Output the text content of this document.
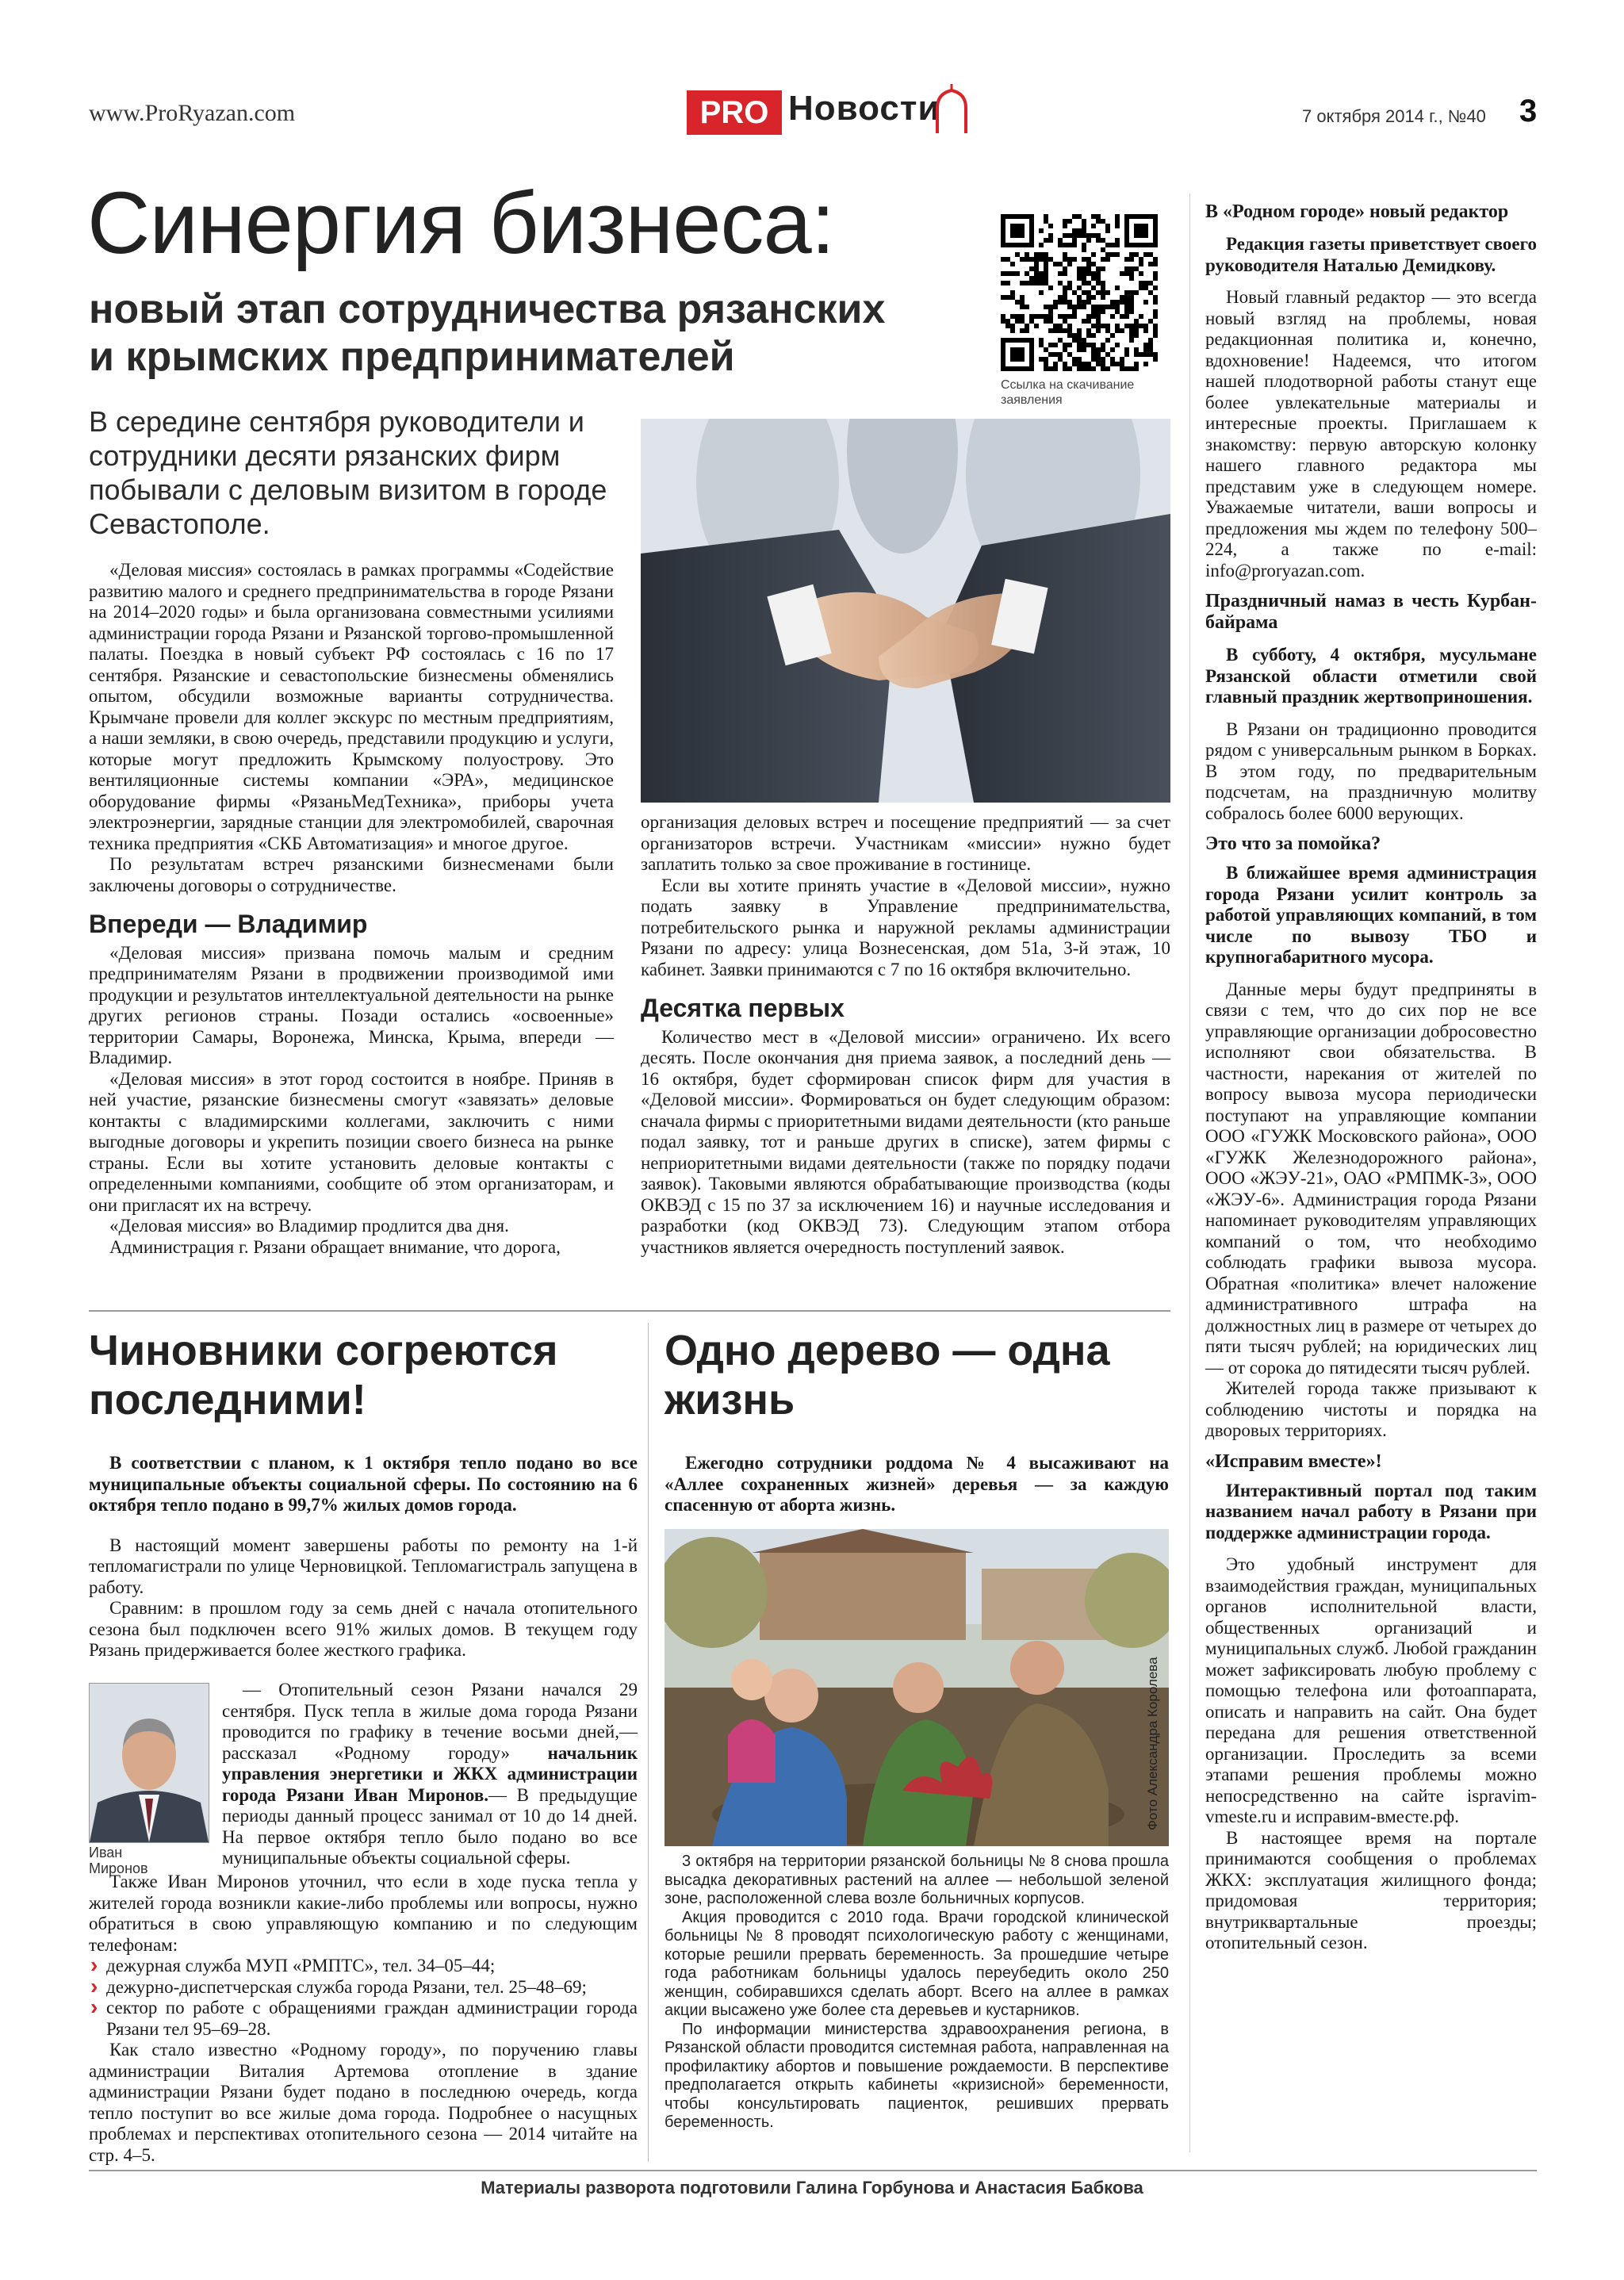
www.ProRyazan.com	PRO Новости	7 октября 2014 г., №40 3
Синергия бизнеса:
новый этап сотрудничества рязанских
и крымских предпринимателей
Ссылка на скачивание заявления
В середине сентября руководители и сотрудники десяти рязанских фирм побывали с деловым визитом в городе Севастополе.

«Деловая миссия» состоялась в рамках программы «Содействие развитию малого и среднего предпринимательства в городе Рязани на 2014–2020 годы» и была организована совместными усилиями администрации города Рязани и Рязанской торгово-промышленной палаты. Поездка в новый субъект РФ состоялась с 16 по 17 сентября. Рязанские и севастопольские бизнесмены обменялись опытом, обсудили возможные варианты сотрудничества. Крымчане провели для коллег экскурс по местным предприятиям, а наши земляки, в свою очередь, представили продукцию и услуги, которые могут предложить Крымскому полуострову. Это вентиляционные системы компании «ЭРА», медицинское оборудование фирмы «РязаньМедТехника», приборы учета электроэнергии, зарядные станции для электромобилей, сварочная техника предприятия «СКБ Автоматизация» и многое другое.

По результатам встреч рязанскими бизнесменами были заключены договоры о сотрудничестве.

Впереди — Владимир

«Деловая миссия» призвана помочь малым и средним предпринимателям Рязани в продвижении производимой ими продукции и результатов интеллектуальной деятельности на рынке других регионов страны. Позади остались «освоенные» территории Самары, Воронежа, Минска, Крыма, впереди — Владимир.

«Деловая миссия» в этот город состоится в ноябре. Приняв в ней участие, рязанские бизнесмены смогут «завязать» деловые контакты с владимирскими коллегами, заключить с ними выгодные договоры и укрепить позиции своего бизнеса на рынке страны. Если вы хотите установить деловые контакты с определенными компаниями, сообщите об этом организаторам, и они пригласят их на встречу.

«Деловая миссия» во Владимир продлится два дня.

Администрация г. Рязани обращает внимание, что дорога,

организация деловых встреч и посещение предприятий — за счет организаторов встречи. Участникам «миссии» нужно будет заплатить только за свое проживание в гостинице.

Если вы хотите принять участие в «Деловой миссии», нужно подать заявку в Управление предпринимательства, потребительского рынка и наружной рекламы администрации Рязани по адресу: улица Вознесенская, дом 51а, 3-й этаж, 10 кабинет. Заявки принимаются с 7 по 16 октября включительно.

Десятка первых

Количество мест в «Деловой миссии» ограничено. Их всего десять. После окончания дня приема заявок, а последний день — 16 октября, будет сформирован список фирм для участия в «Деловой миссии». Формироваться он будет следующим образом: сначала фирмы с приоритетными видами деятельности (кто раньше подал заявку, тот и раньше других в списке), затем фирмы с неприоритетными видами деятельности (также по порядку подачи заявок). Таковыми являются обрабатывающие производства (коды ОКВЭД с 15 по 37 за исключением 16) и научные исследования и разработки (код ОКВЭД 73). Следующим этапом отбора участников является очередность поступлений заявок.

Чиновники согреются
последними!

В соответствии с планом, к 1 октября тепло подано во все муниципальные объекты социальной сферы. По состоянию на 6 октября тепло подано в 99,7% жилых домов города.

В настоящий момент завершены работы по ремонту на 1-й тепломагистрали по улице Черновицкой. Тепломагистраль запущена в работу.

Сравним: в прошлом году за семь дней с начала отопительного сезона был подключен всего 91% жилых домов. В текущем году Рязань придерживается более жесткого графика.

Иван
Миронов

— Отопительный сезон Рязани начался 29 сентября. Пуск тепла в жилые дома города Рязани проводится по графику в течение восьми дней,— рассказал «Родному городу» начальник управления энергетики и ЖКХ администрации города Рязани Иван Миронов.— В предыдущие периоды данный процесс занимал от 10 до 14 дней. На первое октября тепло было подано во все муниципальные объекты социальной сферы.

Также Иван Миронов уточнил, что если в ходе пуска тепла у жителей города возникли какие-либо проблемы или вопросы, нужно обратиться в свою управляющую компанию и по следующим телефонам:

› дежурная служба МУП «РМПТС», тел. 34–05–44;
› дежурно-диспетчерская служба города Рязани, тел. 25–48–69;
› сектор по работе с обращениями граждан администрации города Рязани тел 95–69–28.

Как стало известно «Родному городу», по поручению главы администрации Виталия Артемова отопление в здание администрации Рязани будет подано в последнюю очередь, когда тепло поступит во все жилые дома города. Подробнее о насущных проблемах и перспективах отопительного сезона — 2014 читайте на стр. 4–5.

Одно дерево — одна
жизнь

Ежегодно сотрудники роддома № 4 высаживают на «Аллее сохраненных жизней» деревья — за каждую спасенную от аборта жизнь.

Фото Александра Королева

3 октября на территории рязанской больницы № 8 снова прошла высадка декоративных растений на аллее — небольшой зеленой зоне, расположенной слева возле больничных корпусов.

Акция проводится с 2010 года. Врачи городской клинической больницы № 8 проводят психологическую работу с женщинами, которые решили прервать беременность. За прошедшие четыре года работникам больницы удалось переубедить около 250 женщин, собиравшихся сделать аборт. Всего на аллее в рамках акции высажено уже более ста деревьев и кустарников.

По информации министерства здравоохранения региона, в Рязанской области проводится системная работа, направленная на профилактику абортов и повышение рождаемости. В перспективе предполагается открыть кабинеты «кризисной» беременности, чтобы консультировать пациенток, решивших прервать беременность.

В «Родном городе» новый редактор

Редакция газеты приветствует своего руководителя Наталью Демидкову.

Новый главный редактор — это всегда новый взгляд на проблемы, новая редакционная политика и, конечно, вдохновение! Надеемся, что итогом нашей плодотворной работы станут еще более увлекательные материалы и интересные проекты. Приглашаем к знакомству: первую авторскую колонку нашего главного редактора мы представим уже в следующем номере. Уважаемые читатели, ваши вопросы и предложения мы ждем по телефону 500–224, а также по e-mail: info@proryazan.com.

Праздничный намаз в честь Курбан-байрама

В субботу, 4 октября, мусульмане Рязанской области отметили свой главный праздник жертвоприношения.

В Рязани он традиционно проводится рядом с универсальным рынком в Борках. В этом году, по предварительным подсчетам, на праздничную молитву собралось более 6000 верующих.

Это что за помойка?

В ближайшее время администрация города Рязани усилит контроль за работой управляющих компаний, в том числе по вывозу ТБО и крупногабаритного мусора.

Данные меры будут предприняты в связи с тем, что до сих пор не все управляющие организации добросовестно исполняют свои обязательства. В частности, нарекания от жителей по вопросу вывоза мусора периодически поступают на управляющие компании ООО «ГУЖК Московского района», ООО «ГУЖК Железнодорожного района», ООО «ЖЭУ-21», ОАО «РМПМК-3», ООО «ЖЭУ-6». Администрация города Рязани напоминает руководителям управляющих компаний о том, что необходимо соблюдать графики вывоза мусора. Обратная «политика» влечет наложение административного штрафа на должностных лиц в размере от четырех до пяти тысяч рублей; на юридических лиц — от сорока до пятидесяти тысяч рублей.

Жителей города также призывают к соблюдению чистоты и порядка на дворовых территориях.

«Исправим вместе»!

Интерактивный портал под таким названием начал работу в Рязани при поддержке администрации города.

Это удобный инструмент для взаимодействия граждан, муниципальных органов исполнительной власти, общественных организаций и муниципальных служб. Любой гражданин может зафиксировать любую проблему с помощью телефона или фотоаппарата, описать и направить на сайт. Она будет передана для решения ответственной организации. Проследить за всеми этапами решения проблемы можно непосредственно на сайте ispravim-vmeste.ru и исправим-вместе.рф.

В настоящее время на портале принимаются сообщения о проблемах ЖКХ: эксплуатация жилищного фонда; придомовая территория; внутриквартальные проезды; отопительный сезон.

Материалы разворота подготовили Галина Горбунова и Анастасия Бабкова
